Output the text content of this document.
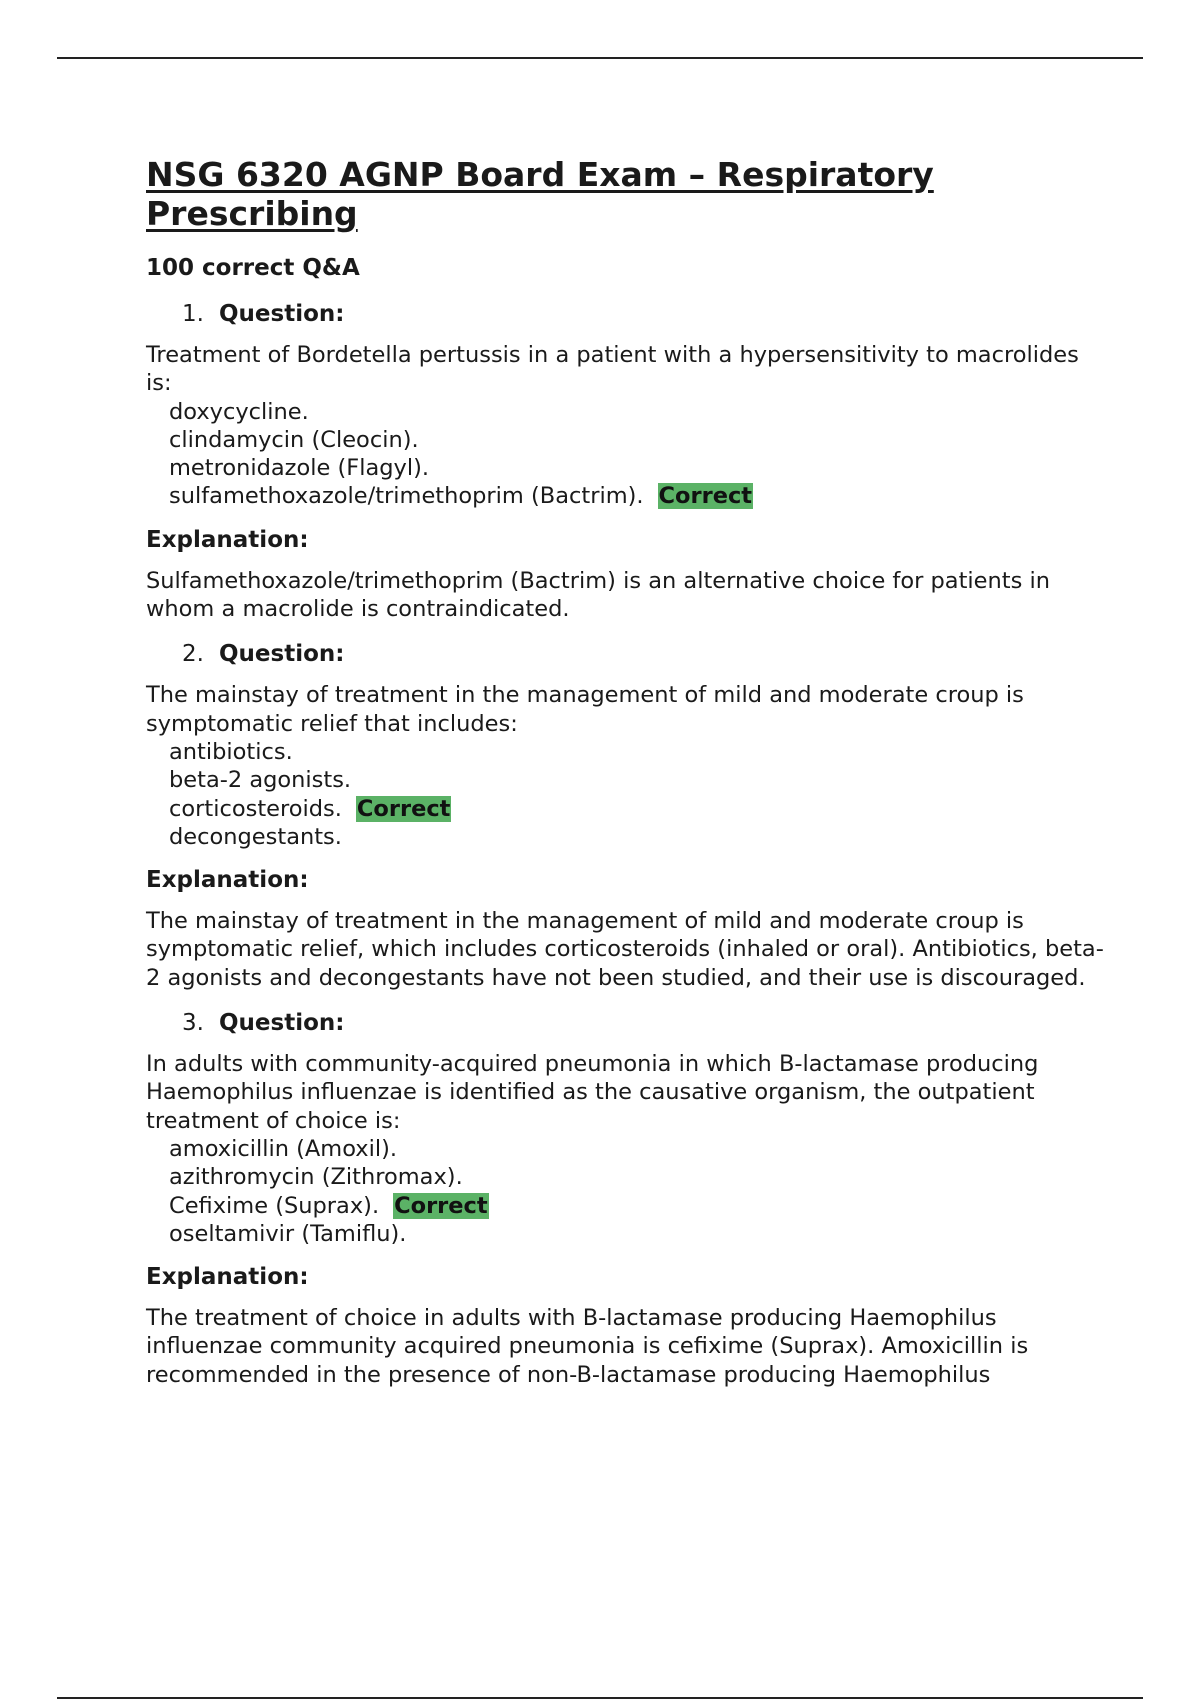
NSG 6320 AGNP Board Exam – Respiratory Prescribing

100 correct Q&A

1. Question:

Treatment of Bordetella pertussis in a patient with a hypersensitivity to macrolides is:

doxycycline.
clindamycin (Cleocin).
metronidazole (Flagyl).
sulfamethoxazole/trimethoprim (Bactrim). Correct

Explanation:

Sulfamethoxazole/trimethoprim (Bactrim) is an alternative choice for patients in whom a macrolide is contraindicated.

2. Question:

The mainstay of treatment in the management of mild and moderate croup is symptomatic relief that includes:

antibiotics.
beta-2 agonists.
corticosteroids. Correct
decongestants.

Explanation:

The mainstay of treatment in the management of mild and moderate croup is symptomatic relief, which includes corticosteroids (inhaled or oral). Antibiotics, beta-2 agonists and decongestants have not been studied, and their use is discouraged.

3. Question:

In adults with community-acquired pneumonia in which B-lactamase producing Haemophilus influenzae is identified as the causative organism, the outpatient treatment of choice is:

amoxicillin (Amoxil).
azithromycin (Zithromax).
Cefixime (Suprax). Correct
oseltamivir (Tamiflu).

Explanation:

The treatment of choice in adults with B-lactamase producing Haemophilus influenzae community acquired pneumonia is cefixime (Suprax). Amoxicillin is recommended in the presence of non-B-lactamase producing Haemophilus
